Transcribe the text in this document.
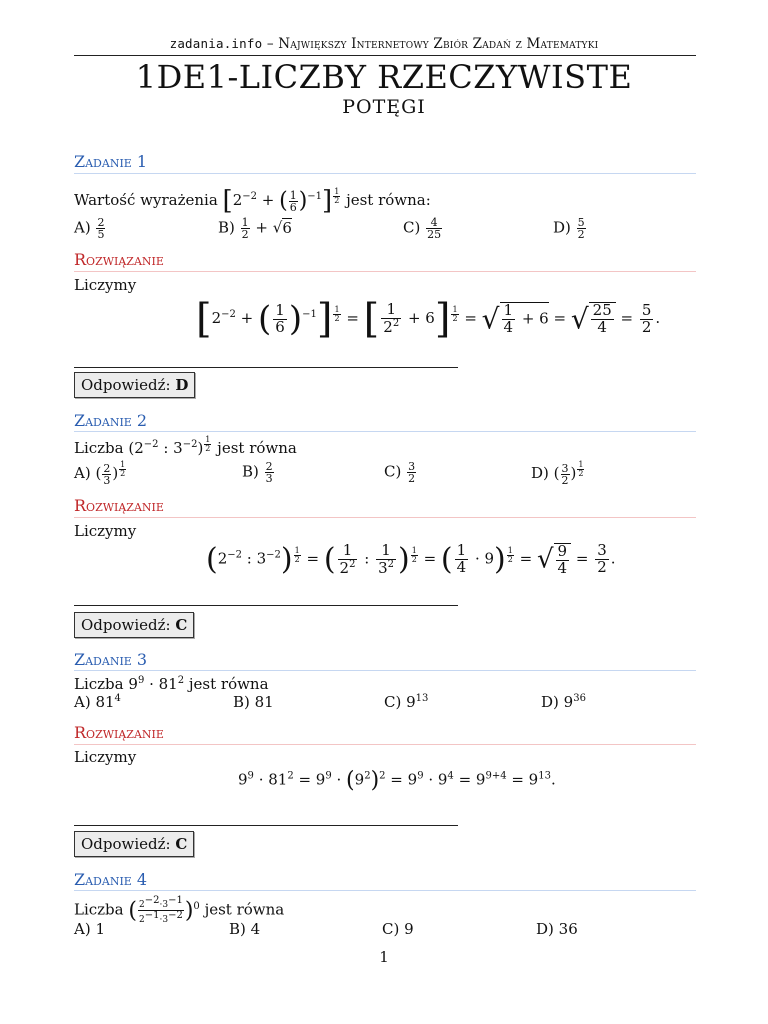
zadania.info – Największy Internetowy Zbiór Zadań z Matematyki
1DE1-LICZBY RZECZYWISTE
POTĘGI
Zadanie 1
Wartość wyrażenia [$2^{-2}$ + ( $\frac{1}{6} )^{-1}$] $^{\frac{1}{2}}$ jest równa:
$A) \frac{2}{5}$	$B) \frac{1}{2} + √6$	$C) \frac{4}{25}$	$D) \frac{5}{2}$
Rozwiązanie
Liczymy
[$2^{-2}$ + ( $\frac{1}{6} )^{-1}$] $^{\frac{1}{2}}$ = [ $\frac{1}{2^2} + 6$] $^{\frac{1}{2}}$ = √ $\frac{1}{4} + 6$ = √ $\frac{25}{4} = \frac{5}{2}$ .
Odpowiedź: D
Zadanie 2
Liczba ($2^{-2}$ : $3^{-2}$) $^{\frac{1}{2}}$ jest równa
A) ( $\frac{2}{3}$ ) $^{\frac{1}{2}}$	$B) \frac{2}{3}$	$C) \frac{3}{2}$	D) ( $\frac{3}{2}$ ) $^{\frac{1}{2}}$
Rozwiązanie
Liczymy
($2^{-2}$ : $3^{-2}$) $^{\frac{1}{2}}$ = ( $\frac{1}{2^2}$ : $\frac{1}{3^2}$ ) $^{\frac{1}{2}}$ = ( $\frac{1}{4} \cdot 9$) $^{\frac{1}{2}}$ = √ $\frac{9}{4} = \frac{3}{2}$ .
Odpowiedź: C
Zadanie 3
Liczba $9^9 \cdot 81^2$ jest równa
A) $81^4$	B) 81	C) $9^{13}$	D) $9^{36}$
Rozwiązanie
Liczymy
$9^9 \cdot 81^2 = 9^9 \cdot (9^2)^2 = 9^9 \cdot 9^4 = 9^{9+4} = 9^{13}$.
Odpowiedź: C
Zadanie 4
Liczba ( $\frac{2^{-2}\cdot 3^{-1}}{2^{-1}\cdot 3^{-2}} )^0$ jest równa
A) 1	B) 4	C) 9	D) 36
1
